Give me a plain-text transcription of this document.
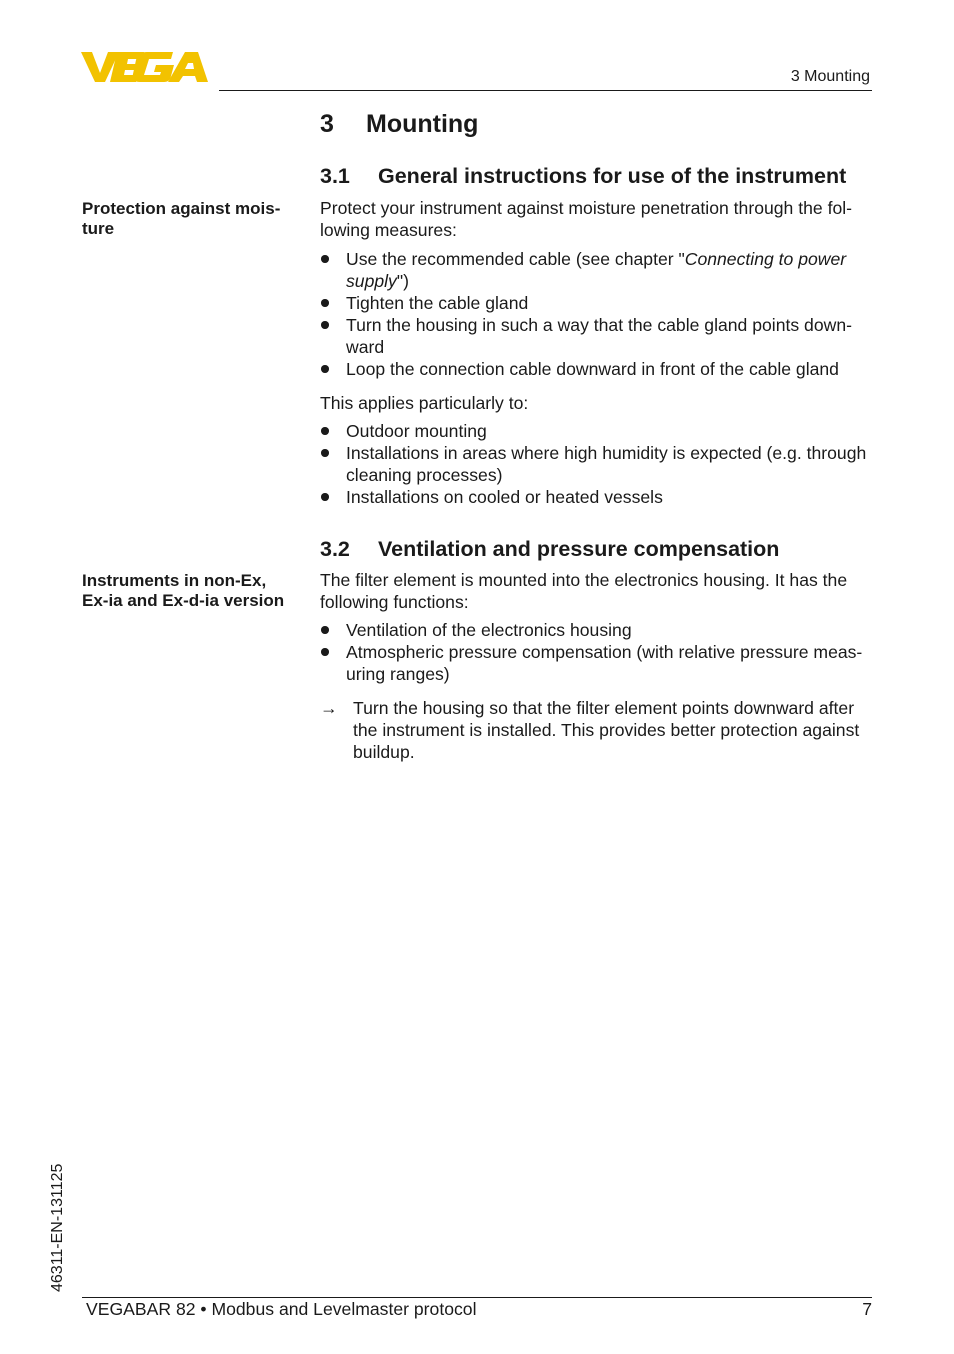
3 Mounting
3 Mounting
3.1 General instructions for use of the instrument
Protection against mois-
ture

Protect your instrument against moisture penetration through the fol-
lowing measures:

Use the recommended cable (see chapter "Connecting to power supply")
Tighten the cable gland
Turn the housing in such a way that the cable gland points down-
ward
Loop the connection cable downward in front of the cable gland

This applies particularly to:

Outdoor mounting
Installations in areas where high humidity is expected (e.g. through
cleaning processes)
Installations on cooled or heated vessels
3.2 Ventilation and pressure compensation
Instruments in non-Ex,
Ex-ia and Ex-d-ia version

The filter element is mounted into the electronics housing. It has the
following functions:

Ventilation of the electronics housing
Atmospheric pressure compensation (with relative pressure meas-
uring ranges)
→ Turn the housing so that the filter element points downward after
the instrument is installed. This provides better protection against
buildup.
46311-EN-131125
VEGABAR 82 • Modbus and Levelmaster protocol	7
